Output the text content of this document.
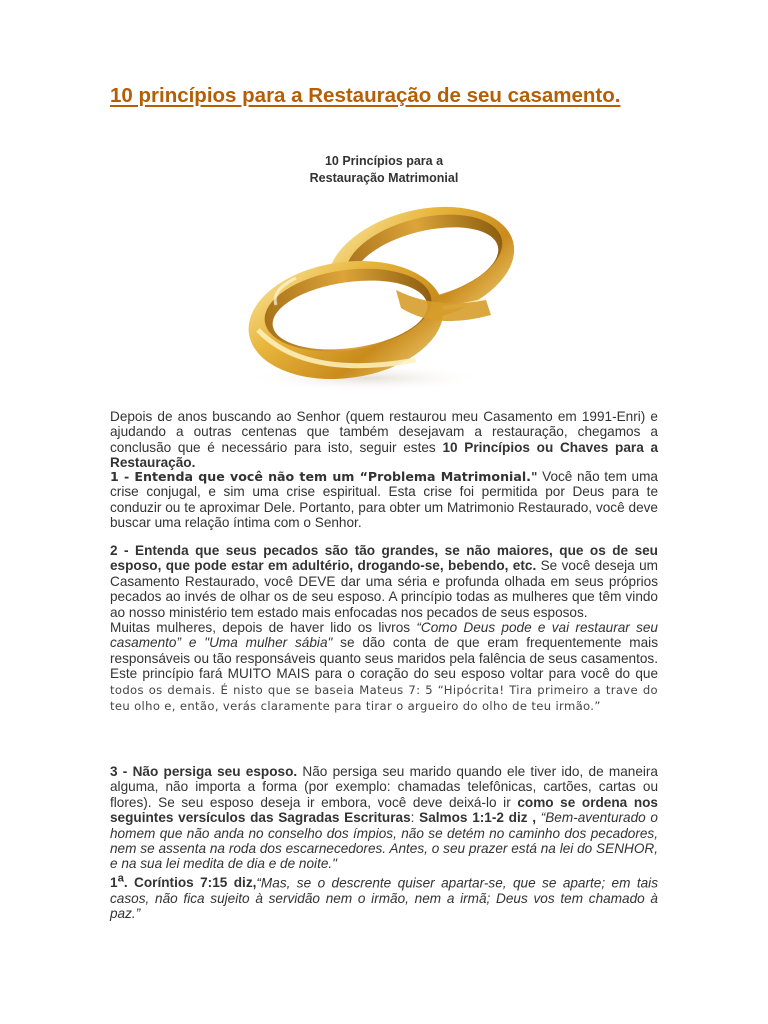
10 princípios para a Restauração de seu casamento.
10 Princípios para a
Restauração Matrimonial

Depois de anos buscando ao Senhor (quem restaurou meu Casamento em 1991-Enri) e ajudando a outras centenas que também desejavam a restauração, chegamos a conclusão que é necessário para isto, seguir estes 10 Princípios ou Chaves para a Restauração.

1 - Entenda que você não tem um “Problema Matrimonial." Você não tem uma crise conjugal, e sim uma crise espiritual. Esta crise foi permitida por Deus para te conduzir ou te aproximar Dele. Portanto, para obter um Matrimonio Restaurado, você deve buscar uma relação íntima com o Senhor.

2 - Entenda que seus pecados são tão grandes, se não maiores, que os de seu esposo, que pode estar em adultério, drogando-se, bebendo, etc. Se você deseja um Casamento Restaurado, você DEVE dar uma séria e profunda olhada em seus próprios pecados ao invés de olhar os de seu esposo. A princípio todas as mulheres que têm vindo ao nosso ministério tem estado mais enfocadas nos pecados de seus esposos.

Muitas mulheres, depois de haver lido os livros “Como Deus pode e vai restaurar seu casamento” e "Uma mulher sábia" se dão conta de que eram frequentemente mais responsáveis ou tão responsáveis quanto seus maridos pela falência de seus casamentos. Este princípio fará MUITO MAIS para o coração do seu esposo voltar para você do que todos os demais. É nisto que se baseia Mateus 7: 5 “Hipócrita! Tira primeiro a trave do teu olho e, então, verás claramente para tirar o argueiro do olho de teu irmão.”

3 - Não persiga seu esposo. Não persiga seu marido quando ele tiver ido, de maneira alguma, não importa a forma (por exemplo: chamadas telefônicas, cartões, cartas ou flores). Se seu esposo deseja ir embora, você deve deixá-lo ir como se ordena nos seguintes versículos das Sagradas Escrituras: Salmos 1:1-2 diz , “Bem-aventurado o homem que não anda no conselho dos ímpios, não se detém no caminho dos pecadores, nem se assenta na roda dos escarnecedores. Antes, o seu prazer está na lei do SENHOR, e na sua lei medita de dia e de noite."

1$^a$. Coríntios 7:15 diz,“Mas, se o descrente quiser apartar-se, que se aparte; em tais casos, não fica sujeito à servidão nem o irmão, nem a irmã; Deus vos tem chamado à paz.”
